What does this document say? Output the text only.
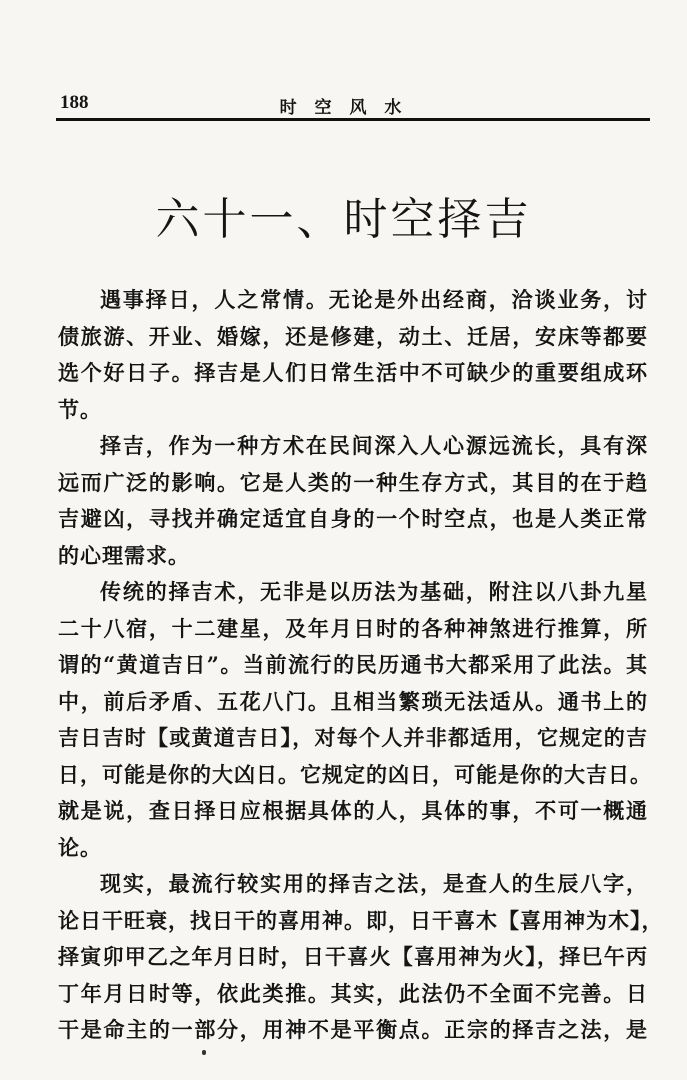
188	时 空 风 水
六十一、时空择吉

遇事择日，人之常情。无论是外出经商，洽谈业务，讨
债旅游、开业、婚嫁，还是修建，动土、迁居，安床等都要
选个好日子。择吉是人们日常生活中不可缺少的重要组成环
节。

择吉，作为一种方术在民间深入人心源远流长，具有深
远而广泛的影响。它是人类的一种生存方式，其目的在于趋
吉避凶，寻找并确定适宜自身的一个时空点，也是人类正常
的心理需求。

传统的择吉术，无非是以历法为基础，附注以八卦九星
二十八宿，十二建星，及年月日时的各种神煞进行推算，所
谓的“黄道吉日”。当前流行的民历通书大都采用了此法。其
中，前后矛盾、五花八门。且相当繁琐无法适从。通书上的
吉日吉时【或黄道吉日】，对每个人并非都适用，它规定的吉
日，可能是你的大凶日。它规定的凶日，可能是你的大吉日。
就是说，查日择日应根据具体的人，具体的事，不可一概通
论。

现实，最流行较实用的择吉之法，是查人的生辰八字，
论日干旺衰，找日干的喜用神。即，日干喜木【喜用神为木】，
择寅卯甲乙之年月日时，日干喜火【喜用神为火】，择巳午丙
丁年月日时等，依此类推。其实，此法仍不全面不完善。日
干是命主的一部分，用神不是平衡点。正宗的择吉之法，是
